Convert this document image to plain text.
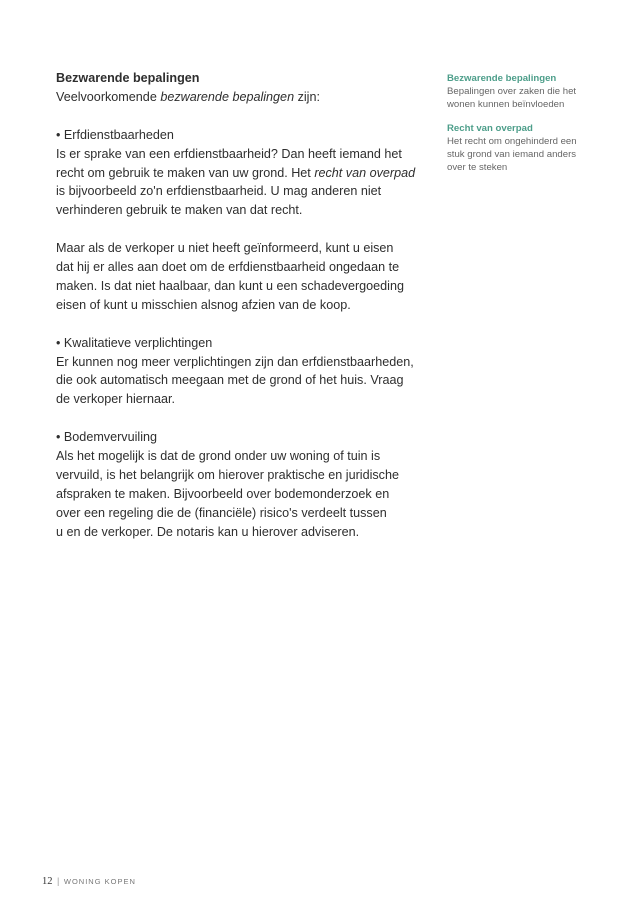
Bezwarende bepalingen

Veelvoorkomende bezwarende bepalingen zijn:

• Erfdienstbaarheden

Is er sprake van een erfdienstbaarheid? Dan heeft iemand het

recht om gebruik te maken van uw grond. Het recht van overpad

is bijvoorbeeld zo'n erfdienstbaarheid. U mag anderen niet

verhinderen gebruik te maken van dat recht.

Maar als de verkoper u niet heeft geïnformeerd, kunt u eisen

dat hij er alles aan doet om de erfdienstbaarheid ongedaan te

maken. Is dat niet haalbaar, dan kunt u een schadevergoeding

eisen of kunt u misschien alsnog afzien van de koop.

• Kwalitatieve verplichtingen

Er kunnen nog meer verplichtingen zijn dan erfdienstbaarheden,

die ook automatisch meegaan met de grond of het huis. Vraag

de verkoper hiernaar.

• Bodemvervuiling

Als het mogelijk is dat de grond onder uw woning of tuin is

vervuild, is het belangrijk om hierover praktische en juridische

afspraken te maken. Bijvoorbeeld over bodemonderzoek en

over een regeling die de (financiële) risico's verdeelt tussen

u en de verkoper. De notaris kan u hierover adviseren.

Bezwarende bepalingen

Bepalingen over zaken die het

wonen kunnen beïnvloeden

Recht van overpad

Het recht om ongehinderd een

stuk grond van iemand anders

over te steken

12 | WONING KOPEN
